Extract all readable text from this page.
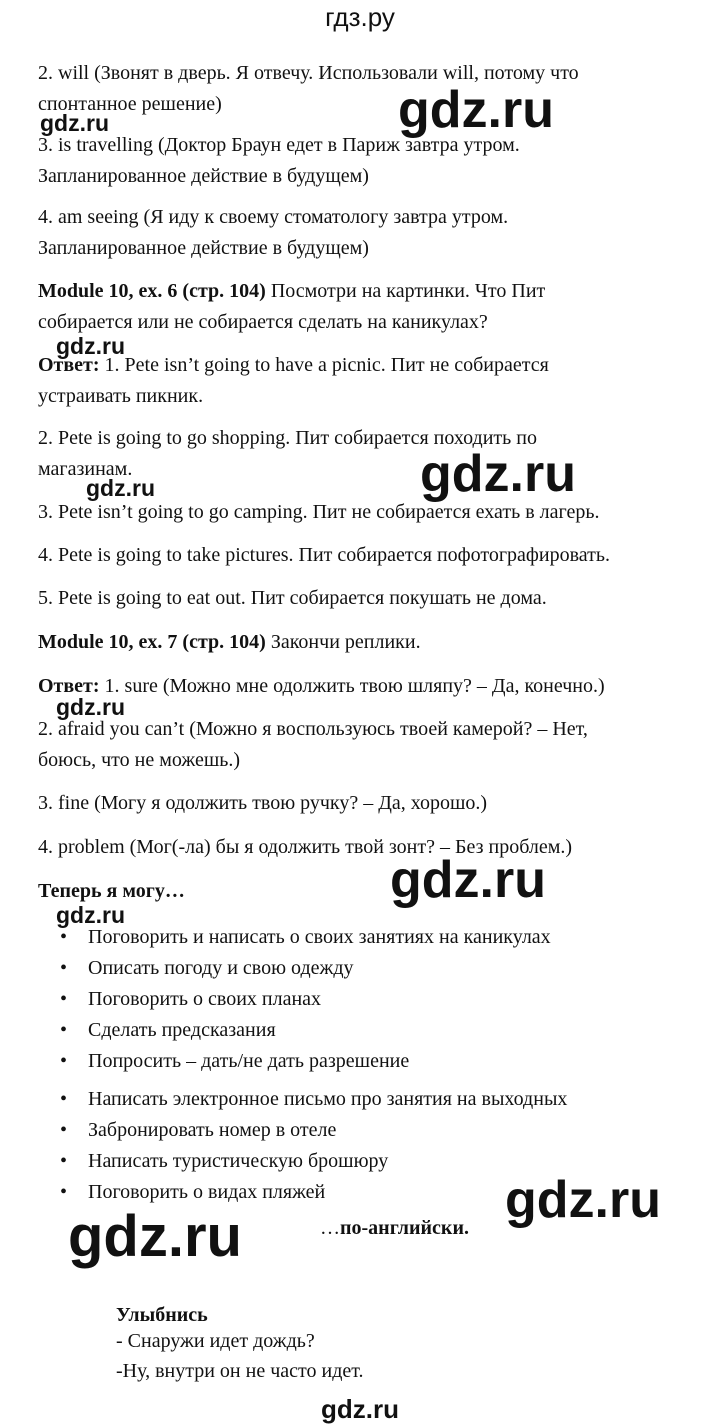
гдз.ру

2. will (Звонят в дверь. Я отвечу. Использовали will, потому что

спонтанное решение)

3. is travelling (Доктор Браун едет в Париж завтра утром.

Запланированное действие в будущем)

4. am seeing (Я иду к своему стоматологу завтра утром.

Запланированное действие в будущем)

Module 10, ex. 6 (стр. 104) Посмотри на картинки. Что Пит

собирается или не собирается сделать на каникулах?

Ответ: 1. Pete isn’t going to have a picnic. Пит не собирается

устраивать пикник.

2. Pete is going to go shopping. Пит собирается походить по

магазинам.

3. Pete isn’t going to go camping. Пит не собирается ехать в лагерь.

4. Pete is going to take pictures. Пит собирается пофотографировать.

5. Pete is going to eat out. Пит собирается покушать не дома.

Module 10, ex. 7 (стр. 104) Закончи реплики.

Ответ: 1. sure (Можно мне одолжить твою шляпу? – Да, конечно.)

2. afraid you can’t (Можно я воспользуюсь твоей камерой? – Нет,

боюсь, что не можешь.)

3. fine (Могу я одолжить твою ручку? – Да, хорошо.)

4. problem (Мог(-ла) бы я одолжить твой зонт? – Без проблем.)

Теперь я могу…

• Поговорить и написать о своих занятиях на каникулах
• Описать погоду и свою одежду
• Поговорить о своих планах
• Сделать предсказания
• Попросить – дать/не дать разрешение
• Написать электронное письмо про занятия на выходных
• Забронировать номер в отеле
• Написать туристическую брошюру
• Поговорить о видах пляжей
…по-английски.
Улыбнись
- Снаружи идет дождь?
-Ну, внутри он не часто идет.
gdz.ru
gdz.ru
gdz.ru
gdz.ru
gdz.ru
gdz.ru
gdz.ru
gdz.ru
gdz.ru
gdz.ru
gdz.ru
